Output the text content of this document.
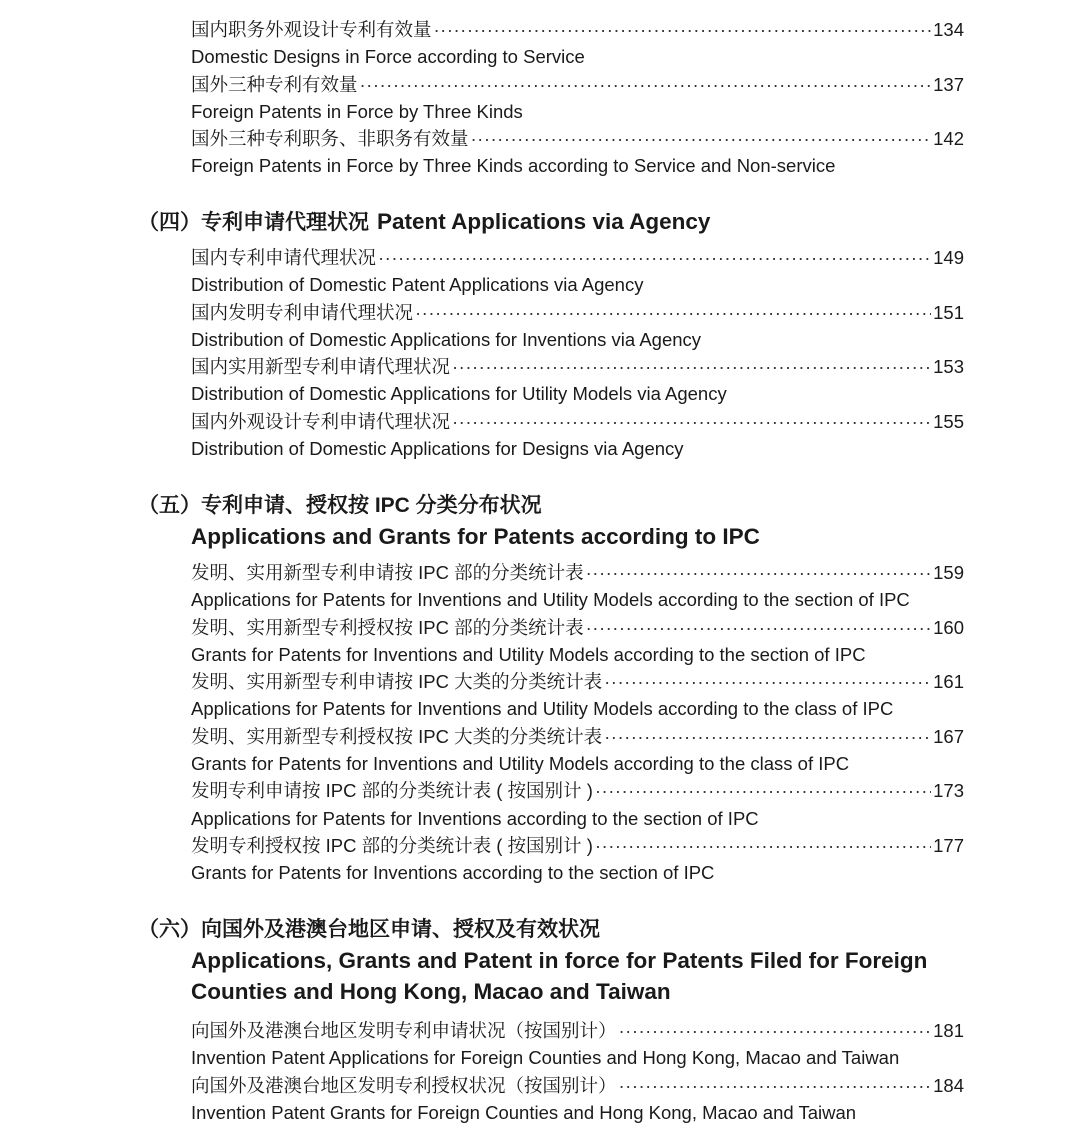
国内职务外观设计专利有效量 ·····	134
Domestic Designs in Force according to Service
国外三种专利有效量 ·····	137
Foreign Patents in Force by Three Kinds
国外三种专利职务、非职务有效量 ·····	142
Foreign Patents in Force by Three Kinds according to Service and Non-service
（四）专利申请代理状况 Patent Applications via Agency
国内专利申请代理状况 ·····	149
Distribution of Domestic Patent Applications via Agency
国内发明专利申请代理状况 ·····	151
Distribution of Domestic Applications for Inventions via Agency
国内实用新型专利申请代理状况 ·····	153
Distribution of Domestic Applications for Utility Models via Agency
国内外观设计专利申请代理状况 ·····	155
Distribution of Domestic Applications for Designs via Agency
（五）专利申请、授权按 IPC 分类分布状况
Applications and Grants for Patents according to IPC
发明、实用新型专利申请按 IPC 部的分类统计表 ·····	159
Applications for Patents for Inventions and Utility Models according to the section of IPC
发明、实用新型专利授权按 IPC 部的分类统计表 ·····	160
Grants for Patents for Inventions and Utility Models according to the section of IPC
发明、实用新型专利申请按 IPC 大类的分类统计表 ·····	161
Applications for Patents for Inventions and Utility Models according to the class of IPC
发明、实用新型专利授权按 IPC 大类的分类统计表 ·····	167
Grants for Patents for Inventions and Utility Models according to the class of IPC
发明专利申请按 IPC 部的分类统计表 ( 按国别计 ) ·····	173
Applications for Patents for Inventions according to the section of IPC
发明专利授权按 IPC 部的分类统计表 ( 按国别计 ) ·····	177
Grants for Patents for Inventions according to the section of IPC
（六）向国外及港澳台地区申请、授权及有效状况
Applications, Grants and Patent in force for Patents Filed for Foreign
Counties and Hong Kong, Macao and Taiwan
向国外及港澳台地区发明专利申请状况（按国别计） ·····	181
Invention Patent Applications for Foreign Counties and Hong Kong, Macao and Taiwan
向国外及港澳台地区发明专利授权状况（按国别计） ·····	184
Invention Patent Grants for Foreign Counties and Hong Kong, Macao and Taiwan
